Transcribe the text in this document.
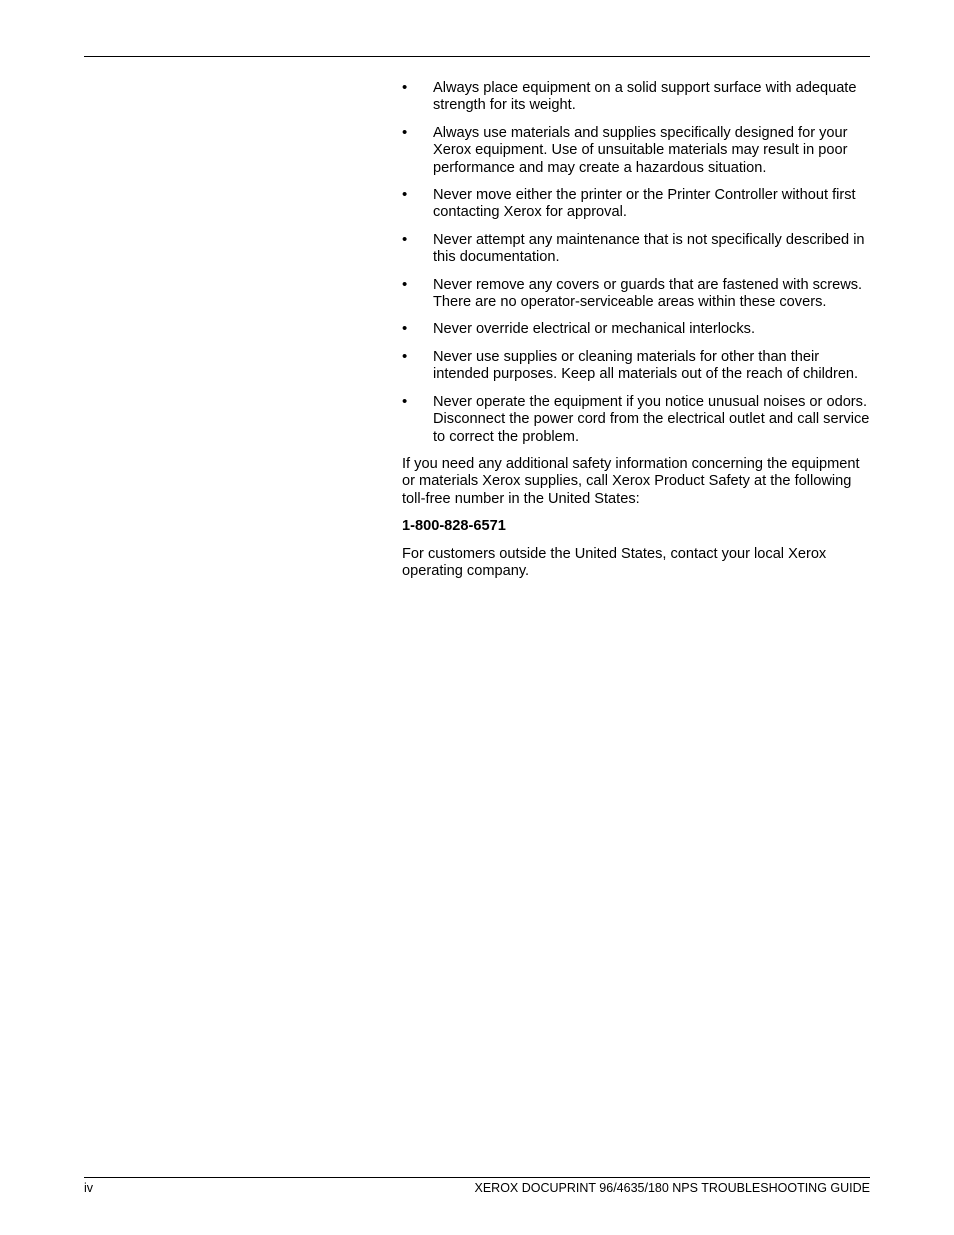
• Always place equipment on a solid support surface with adequate strength for its weight.
• Always use materials and supplies specifically designed for your Xerox equipment. Use of unsuitable materials may result in poor performance and may create a hazardous situation.
• Never move either the printer or the Printer Controller without first contacting Xerox for approval.
• Never attempt any maintenance that is not specifically described in this documentation.
• Never remove any covers or guards that are fastened with screws. There are no operator-serviceable areas within these covers.
• Never override electrical or mechanical interlocks.
• Never use supplies or cleaning materials for other than their intended purposes. Keep all materials out of the reach of children.
• Never operate the equipment if you notice unusual noises or odors. Disconnect the power cord from the electrical outlet and call service to correct the problem.

If you need any additional safety information concerning the equipment or materials Xerox supplies, call Xerox Product Safety at the following toll-free number in the United States:

1-800-828-6571

For customers outside the United States, contact your local Xerox operating company.

iv	XEROX DOCUPRINT 96/4635/180 NPS TROUBLESHOOTING GUIDE
